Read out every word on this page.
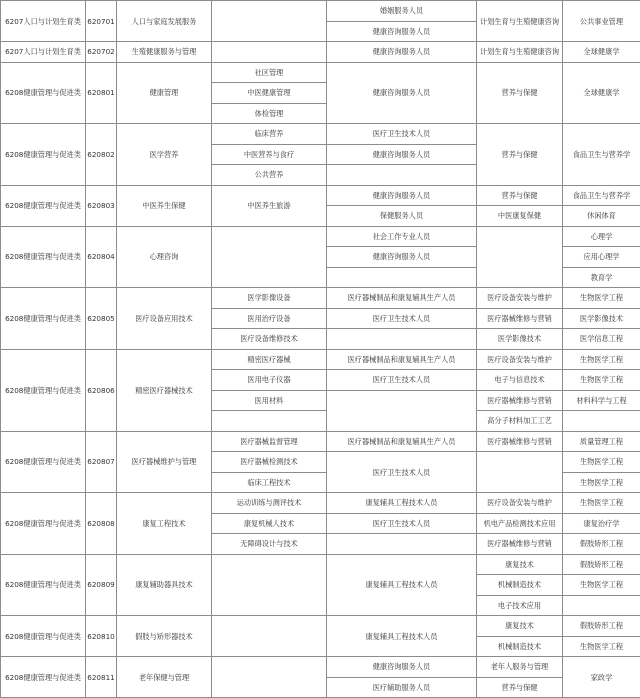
6207人口与计划生育类	620701	人口与家庭发展服务		婚姻服务人员	计划生育与生殖健康咨询	公共事业管理
				健康咨询服务人员		
6207人口与计划生育类	620702	生殖健康服务与管理		健康咨询服务人员	计划生育与生殖健康咨询	全球健康学
6208健康管理与促进类	620801	健康管理	社区管理	健康咨询服务人员	营养与保健	全球健康学
			中医健康管理			
			体检管理			
6208健康管理与促进类	620802	医学营养	临床营养	医疗卫生技术人员	营养与保健	食品卫生与营养学
			中医营养与食疗	健康咨询服务人员		
			公共营养			
6208健康管理与促进类	620803	中医养生保健	中医养生旅游	健康咨询服务人员	营养与保健	食品卫生与营养学
				保健服务人员	中医康复保健	休闲体育
6208健康管理与促进类	620804	心理咨询		社会工作专业人员		心理学
				健康咨询服务人员		应用心理学
						教育学
6208健康管理与促进类	620805	医疗设备应用技术	医学影像设备	医疗器械制品和康复辅具生产人员	医疗设备安装与维护	生物医学工程
			医用治疗设备	医疗卫生技术人员	医疗器械维修与营销	医学影像技术
			医疗设备维修技术		医学影像技术	医学信息工程
6208健康管理与促进类	620806	精密医疗器械技术	精密医疗器械	医疗器械制品和康复辅具生产人员	医疗设备安装与维护	生物医学工程
			医用电子仪器	医疗卫生技术人员	电子与信息技术	生物医学工程
			医用材料		医疗器械维修与营销	材料科学与工程
					高分子材料加工工艺	
6208健康管理与促进类	620807	医疗器械维护与管理	医疗器械监督管理	医疗器械制品和康复辅具生产人员	医疗器械维修与营销	质量管理工程
			医疗器械检测技术	医疗卫生技术人员		生物医学工程
			临床工程技术			生物医学工程
6208健康管理与促进类	620808	康复工程技术	运动训练与测评技术	康复辅具工程技术人员	医疗设备安装与维护	生物医学工程
			康复机械人技术	医疗卫生技术人员	机电产品检测技术应用	康复治疗学
			无障碍设计与技术		医疗器械维修与营销	假肢矫形工程
6208健康管理与促进类	620809	康复辅助器具技术		康复辅具工程技术人员	康复技术	假肢矫形工程
					机械制造技术	生物医学工程
					电子技术应用	
6208健康管理与促进类	620810	假肢与矫形器技术		康复辅具工程技术人员	康复技术	假肢矫形工程
					机械制造技术	生物医学工程
6208健康管理与促进类	620811	老年保健与管理		健康咨询服务人员	老年人服务与管理	家政学
				医疗辅助服务人员	营养与保健	
